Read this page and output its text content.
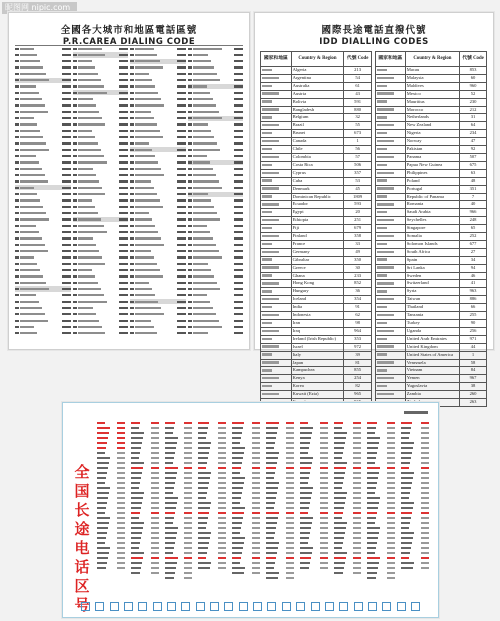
昵图网 nipic.com
全國各大城市和地區電話區號
P.R.CAREA DIALING CODE
國際長途電話直撥代號
IDD DIALLING CODES
國家和地區	Country & Region	代號 Code
	Algeria	213
	Argentina	54
	Australia	61
	Austria	43
	Bolivia	591
	Bangladesh	880
	Belgium	32
	Brazil	55
	Brunei	673
	Canada	1
	Chile	56
	Colombia	57
	Costa Rica	506
	Cyprus	357
	Cuba	53
	Denmark	45
	Dominican Republic	1809
	Ecuador	593
	Egypt	20
	Ethiopia	251
	Fiji	679
	Finland	358
	France	33
	Germany	49
	Gibraltar	350
	Greece	30
	Ghana	233
	Hong Kong	852
	Hungary	36
	Iceland	354
	India	91
	Indonesia	62
	Iran	98
	Iraq	964
	Ireland (Irish Republic)	353
	Israel	972
	Italy	39
	Japan	81
	Kampuchea	855
	Kenya	254
	Korea	82
	Kuwait (Ezia)	965

國家和地區	Country & Region	代號 Code
	Macau	853
	Malaysia	60
	Maldives	960
	Mexico	52
	Mauritius	230
	Morocco	212
	Netherlands	31
	New Zealand	64
	Nigeria	234
	Norway	47
	Pakistan	92
	Panama	507
	Papua New Guinea	675
	Philippines	63
	Poland	48
	Portugal	351
	Republic of Panama	7
	Romania	40
	Saudi Arabia	966
	Seychelles	248
	Singapore	65
	Somalia	252
	Solomon Islands	677
	South Africa	27
	Spain	34
	Sri Lanka	94
	Sweden	46
	Switzerland	41
	Syria	963
	Taiwan	886
	Thailand	66
	Tanzania	255
	Turkey	90
	Uganda	256
	United Arab Emirates	971
	United Kingdom	44
	United States of America	1
	Venezuela	58
	Vietnam	84
	Yemen	967
	Yugoslavia	38
	Zambia	260
		263
全国长途电话区号
